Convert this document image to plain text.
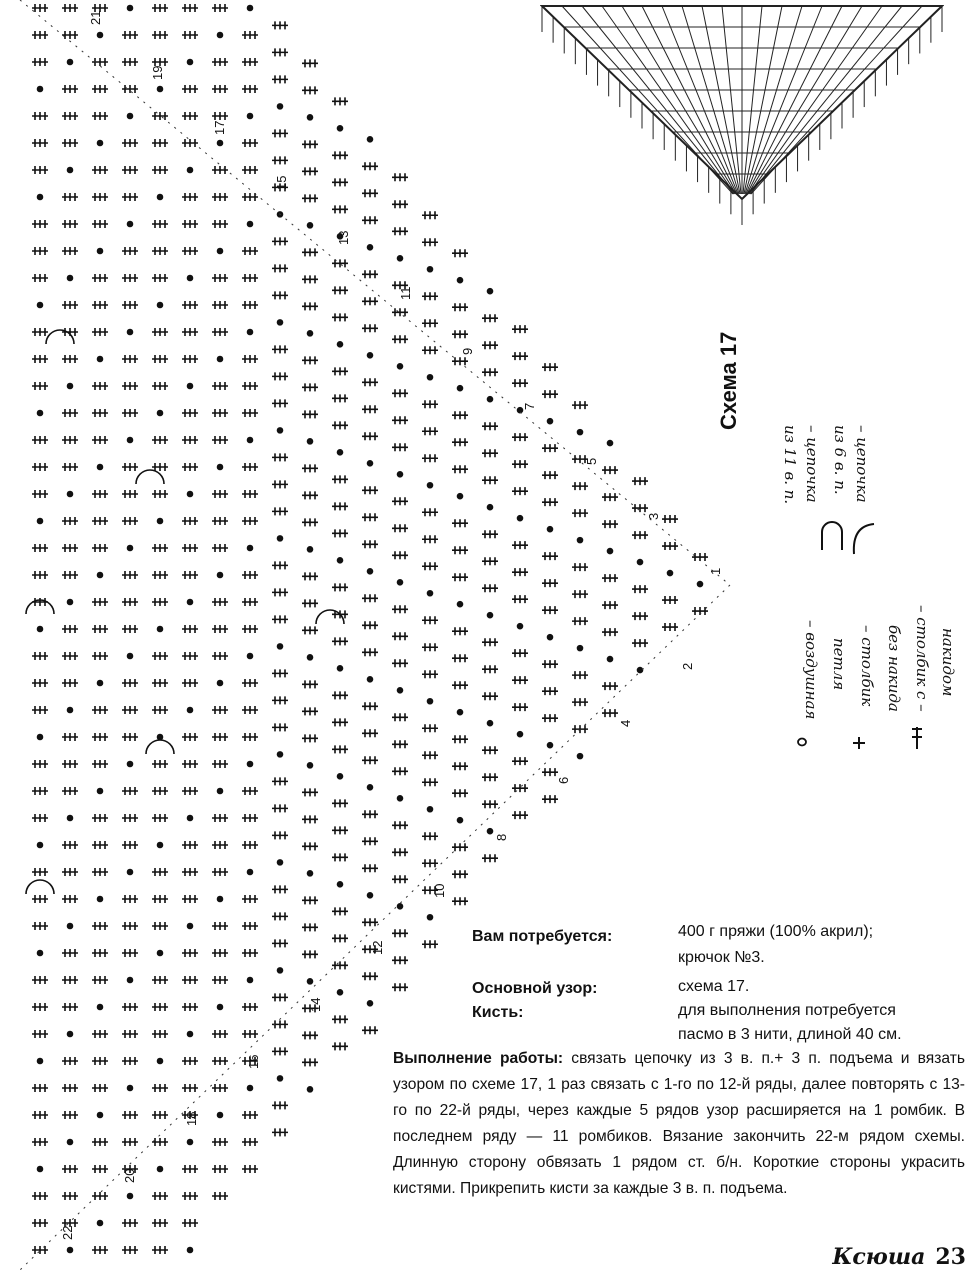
1
3
5
7
9
11
13
15
17
19
21
2
4
6
8
10
12
14
16
18
20
22
Схема 17
– цепочка
из 11 в. п.	– цепочка
из 6 в. п.
– воздушная петля – столбик без накида – столбик с – накидом
Вам потребуется:	400 г пряжи (100% акрил);
крючок №3.
Основной узор:	схема 17.
Кисть:	для выполнения потребуется
пасмо в 3 нити, длиной 40 см.
Выполнение работы: связать цепочку из 3 в. п.+ 3 п. подъема и вязать узором по схеме 17, 1 раз связать с 1-го по 12-й ряды, далее повторять с 13-го по 22-й ряды, через каждые 5 рядов узор расширяется на 1 ромбик. В последнем ряду — 11 ромбиков. Вязание закончить 22-м рядом схемы. Длинную сторону обвязать 1 рядом ст. б/н. Короткие стороны украсить кистями. Прикрепить кисти за каждые 3 в. п. подъема.
Ксюша 23
